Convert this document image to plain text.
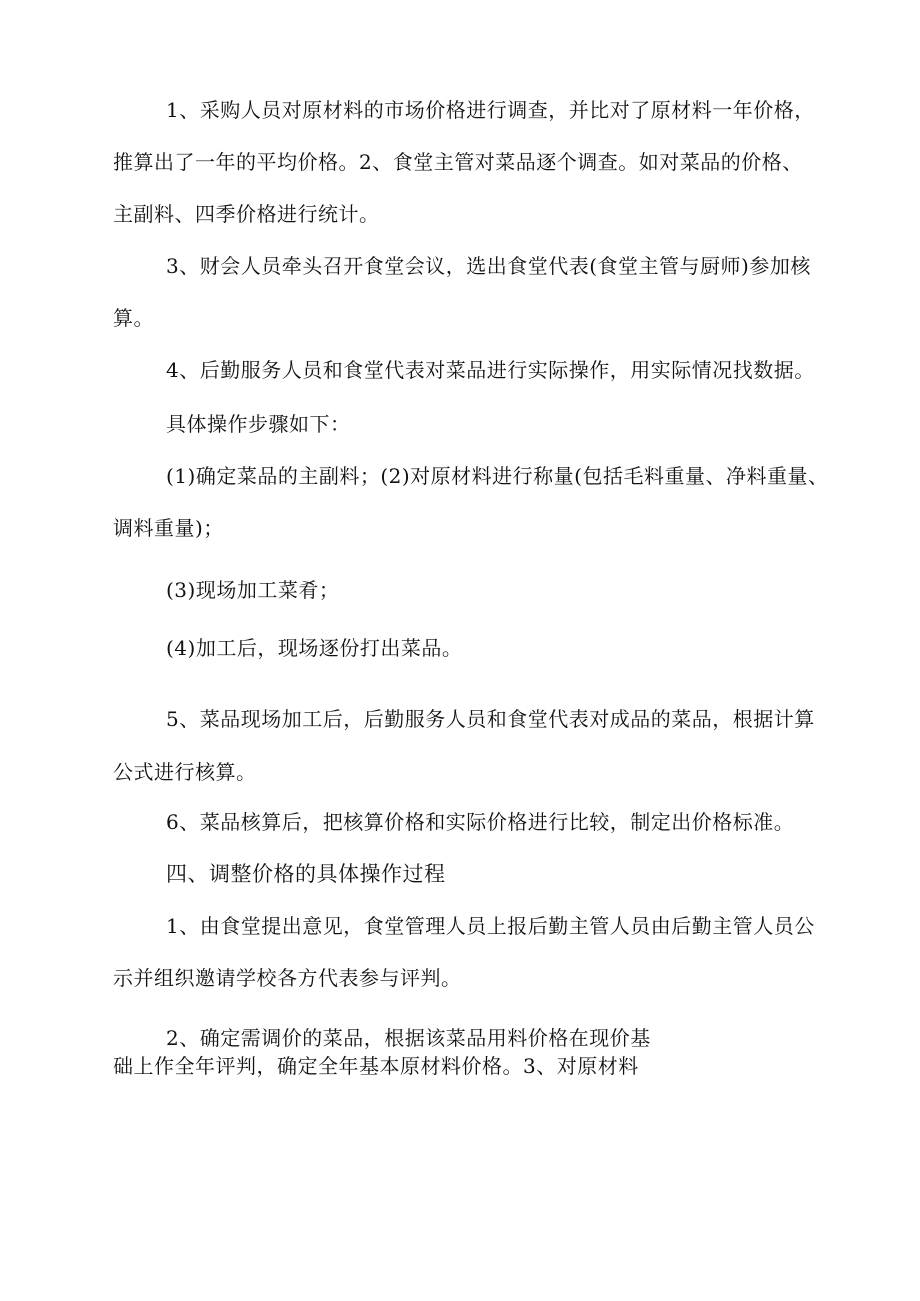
1、采购人员对原材料的市场价格进行调查，并比对了原材料一年价格，
推算出了一年的平均价格。2、食堂主管对菜品逐个调查。如对菜品的价格、
主副料、四季价格进行统计。
3、财会人员牵头召开食堂会议，选出食堂代表(食堂主管与厨师)参加核
算。
4、后勤服务人员和食堂代表对菜品进行实际操作，用实际情况找数据。
具体操作步骤如下：
(1)确定菜品的主副料；(2)对原材料进行称量(包括毛料重量、净料重量、
调料重量)；
(3)现场加工菜肴；
(4)加工后，现场逐份打出菜品。
5、菜品现场加工后，后勤服务人员和食堂代表对成品的菜品，根据计算
公式进行核算。
6、菜品核算后，把核算价格和实际价格进行比较，制定出价格标准。
四、调整价格的具体操作过程
1、由食堂提出意见，食堂管理人员上报后勤主管人员由后勤主管人员公
示并组织邀请学校各方代表参与评判。
2、确定需调价的菜品，根据该菜品用料价格在现价基
础上作全年评判，确定全年基本原材料价格。3、对原材料
